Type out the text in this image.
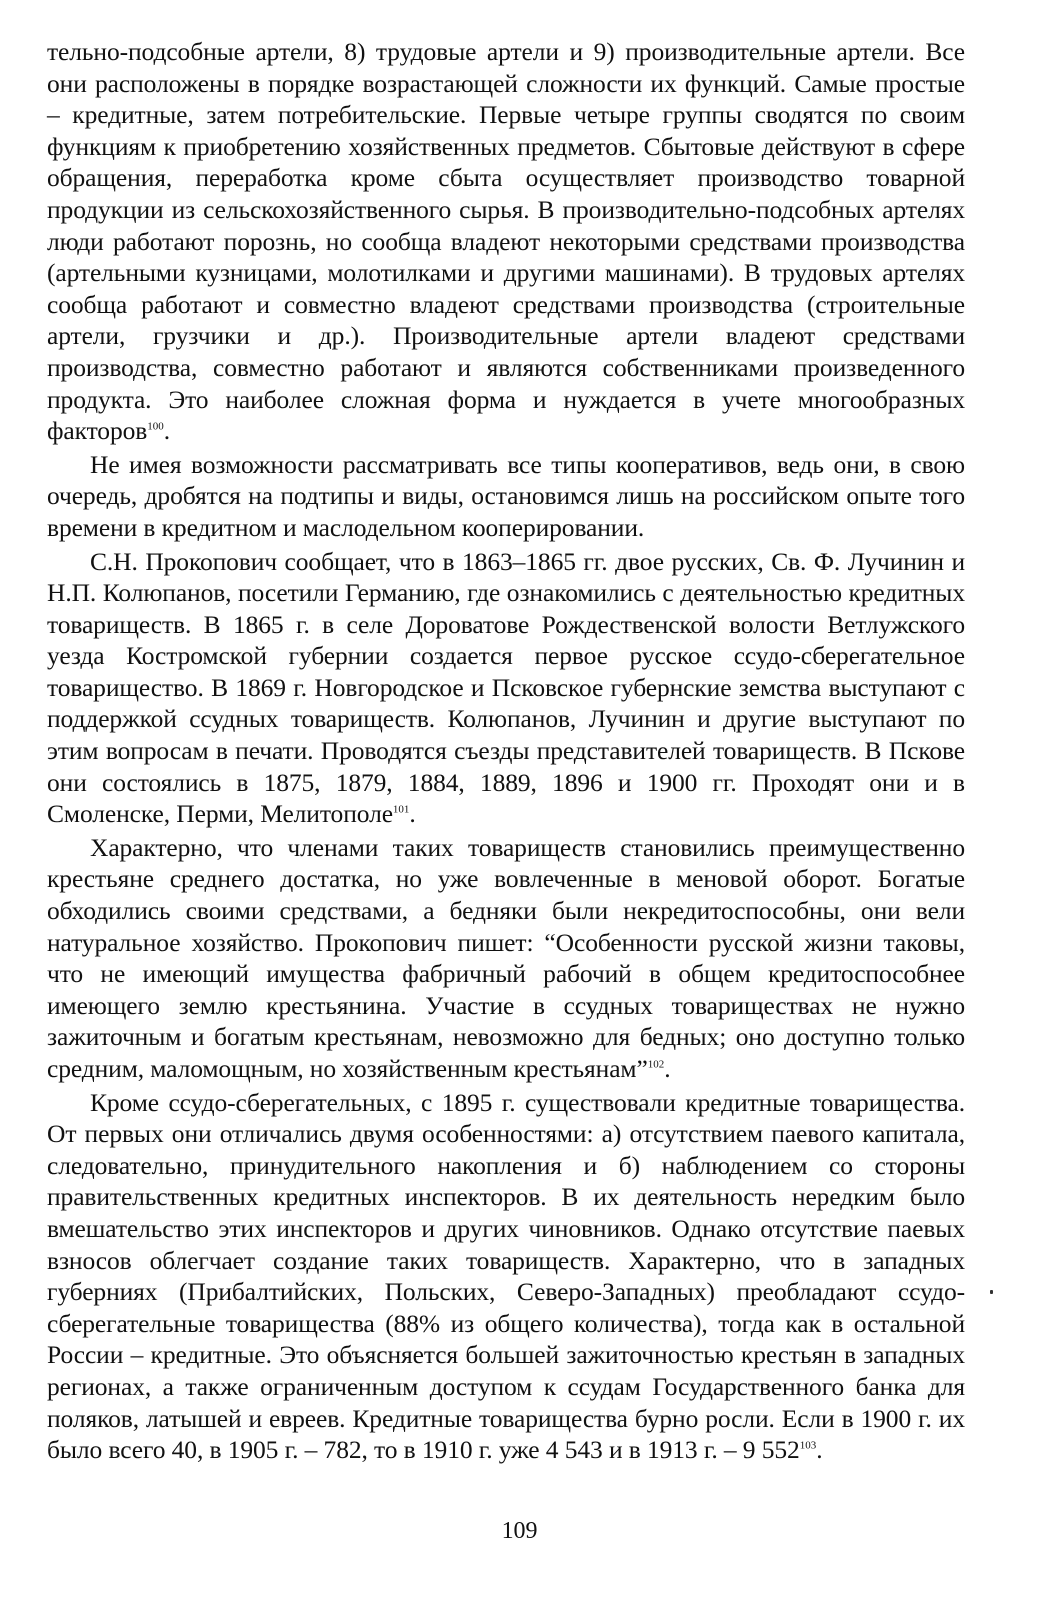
тельно-подсобные артели, 8) трудовые артели и 9) производительные артели. Все они расположены в порядке возрастающей сложности их функций. Самые простые – кредитные, затем потребительские. Первые четыре группы сводятся по своим функциям к приобретению хозяйственных предметов. Сбытовые действуют в сфере обращения, переработка кроме сбыта осуществляет производство товарной продукции из сельскохозяйственного сырья. В производительно-подсобных артелях люди работают порознь, но сообща владеют некоторыми средствами производства (артельными кузницами, молотилками и другими машинами). В трудовых артелях сообща работают и совместно владеют средствами производства (строительные артели, грузчики и др.). Производительные артели владеют средствами производства, совместно работают и являются собственниками произведенного продукта. Это наиболее сложная форма и нуждается в учете многообразных факторов$^{100}$.

Не имея возможности рассматривать все типы кооперативов, ведь они, в свою очередь, дробятся на подтипы и виды, остановимся лишь на российском опыте того времени в кредитном и маслодельном кооперировании.

С.Н. Прокопович сообщает, что в 1863–1865 гг. двое русских, Св. Ф. Лучинин и Н.П. Колюпанов, посетили Германию, где ознакомились с деятельностью кредитных товариществ. В 1865 г. в селе Дороватове Рождественской волости Ветлужского уезда Костромской губернии создается первое русское ссудо-сберегательное товарищество. В 1869 г. Новгородское и Псковское губернские земства выступают с поддержкой ссудных товариществ. Колюпанов, Лучинин и другие выступают по этим вопросам в печати. Проводятся съезды представителей товариществ. В Пскове они состоялись в 1875, 1879, 1884, 1889, 1896 и 1900 гг. Проходят они и в Смоленске, Перми, Мелитополе$^{101}$.

Характерно, что членами таких товариществ становились преимущественно крестьяне среднего достатка, но уже вовлеченные в меновой оборот. Богатые обходились своими средствами, а бедняки были некредитоспособны, они вели натуральное хозяйство. Прокопович пишет: “Особенности русской жизни таковы, что не имеющий имущества фабричный рабочий в общем кредитоспособнее имеющего землю крестьянина. Участие в ссудных товариществах не нужно зажиточным и богатым крестьянам, невозможно для бедных; оно доступно только средним, маломощным, но хозяйственным крестьянам”$^{102}$.

Кроме ссудо-сберегательных, с 1895 г. существовали кредитные товарищества. От первых они отличались двумя особенностями: а) отсутствием паевого капитала, следовательно, принудительного накопления и б) наблюдением со стороны правительственных кредитных инспекторов. В их деятельность нередким было вмешательство этих инспекторов и других чиновников. Однако отсутствие паевых взносов облегчает создание таких товариществ. Характерно, что в западных губерниях (Прибалтийских, Польских, Северо-Западных) преобладают ссудо-сберегательные товарищества (88% из общего количества), тогда как в остальной России – кредитные. Это объясняется большей зажиточностью крестьян в западных регионах, а также ограниченным доступом к ссудам Государственного банка для поляков, латышей и евреев. Кредитные товарищества бурно росли. Если в 1900 г. их было всего 40, в 1905 г. – 782, то в 1910 г. уже 4 543 и в 1913 г. – 9 552$^{103}$.

109
